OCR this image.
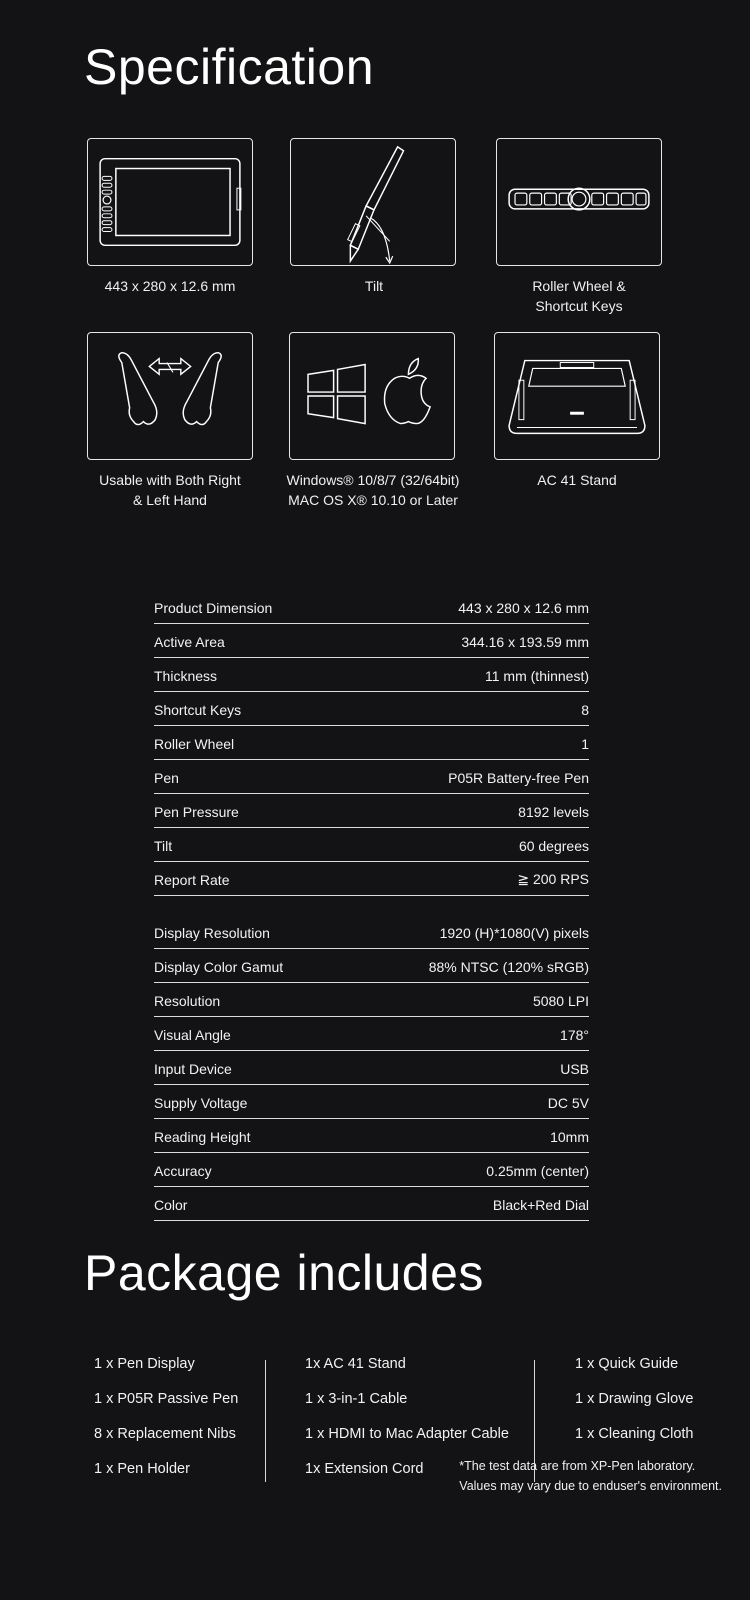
Specification
443 x 280 x 12.6 mm	Tilt	Roller Wheel &
Shortcut Keys
Usable with Both Right
& Left Hand
Windows® 10/8/7 (32/64bit)
MAC OS X® 10.10 or Later
AC 41 Stand
Product Dimension	443 x 280 x 12.6 mm
Active Area	344.16 x 193.59 mm
Thickness	11 mm (thinnest)
Shortcut Keys	8
Roller Wheel	1
Pen	P05R Battery-free Pen
Pen Pressure	8192 levels
Tilt	60 degrees
Report Rate	≧ 200 RPS
Display Resolution	1920 (H)*1080(V) pixels
Display Color Gamut	88% NTSC (120% sRGB)
Resolution	5080 LPI
Visual Angle	178°
Input Device	USB
Supply Voltage	DC 5V
Reading Height	10mm
Accuracy	0.25mm (center)
Color	Black+Red Dial
Package includes
1 x Pen Display
1 x P05R Passive Pen
8 x Replacement Nibs
1 x Pen Holder
1x AC 41 Stand
1 x 3-in-1 Cable
1 x HDMI to Mac Adapter Cable
1x Extension Cord
1 x Quick Guide
1 x Drawing Glove
1 x Cleaning Cloth
*The test data are from XP-Pen laboratory.
Values may vary due to enduser's environment.
